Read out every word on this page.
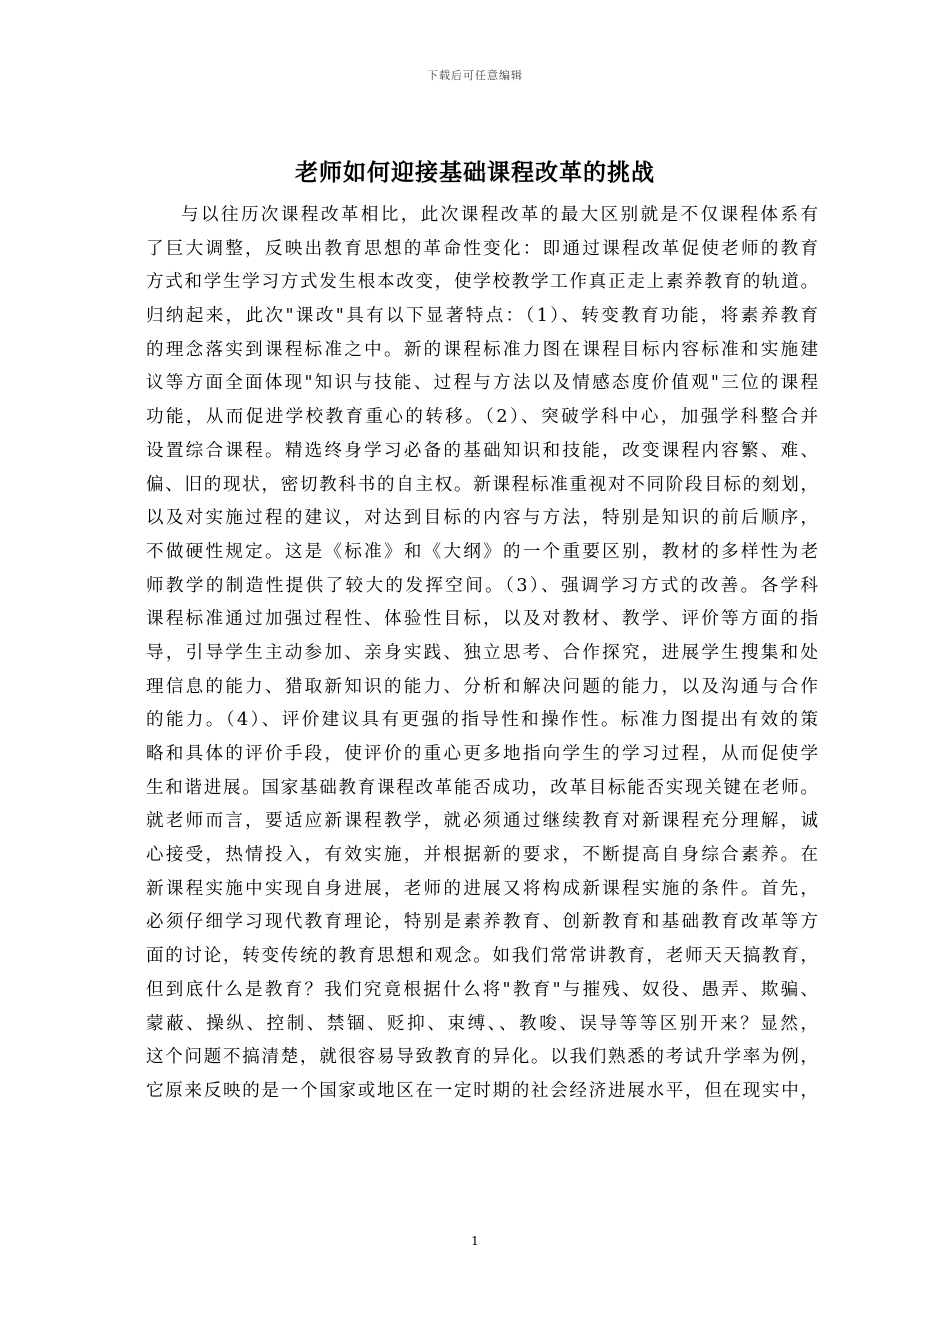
下载后可任意编辑
老师如何迎接基础课程改革的挑战
与以往历次课程改革相比，此次课程改革的最大区别就是不仅课程体系有
了巨大调整，反映出教育思想的革命性变化：即通过课程改革促使老师的教育
方式和学生学习方式发生根本改变，使学校教学工作真正走上素养教育的轨道。
归纳起来，此次"课改"具有以下显著特点：（1）、转变教育功能，将素养教育
的理念落实到课程标准之中。新的课程标准力图在课程目标内容标准和实施建
议等方面全面体现"知识与技能、过程与方法以及情感态度价值观"三位的课程
功能，从而促进学校教育重心的转移。（2）、突破学科中心，加强学科整合并
设置综合课程。精选终身学习必备的基础知识和技能，改变课程内容繁、难、
偏、旧的现状，密切教科书的自主权。新课程标准重视对不同阶段目标的刻划，
以及对实施过程的建议，对达到目标的内容与方法，特别是知识的前后顺序，
不做硬性规定。这是《标准》和《大纲》的一个重要区别，教材的多样性为老
师教学的制造性提供了较大的发挥空间。（3）、强调学习方式的改善。各学科
课程标准通过加强过程性、体验性目标，以及对教材、教学、评价等方面的指
导，引导学生主动参加、亲身实践、独立思考、合作探究，进展学生搜集和处
理信息的能力、猎取新知识的能力、分析和解决问题的能力，以及沟通与合作
的能力。（4）、评价建议具有更强的指导性和操作性。标准力图提出有效的策
略和具体的评价手段，使评价的重心更多地指向学生的学习过程，从而促使学
生和谐进展。国家基础教育课程改革能否成功，改革目标能否实现关键在老师。
就老师而言，要适应新课程教学，就必须通过继续教育对新课程充分理解，诚
心接受，热情投入，有效实施，并根据新的要求，不断提高自身综合素养。在
新课程实施中实现自身进展，老师的进展又将构成新课程实施的条件。首先，
必须仔细学习现代教育理论，特别是素养教育、创新教育和基础教育改革等方
面的讨论，转变传统的教育思想和观念。如我们常常讲教育，老师天天搞教育，
但到底什么是教育？我们究竟根据什么将"教育"与摧残、奴役、愚弄、欺骗、
蒙蔽、操纵、控制、禁锢、贬抑、束缚、、教唆、误导等等区别开来？显然，
这个问题不搞清楚，就很容易导致教育的异化。以我们熟悉的考试升学率为例，
它原来反映的是一个国家或地区在一定时期的社会经济进展水平，但在现实中，
1
